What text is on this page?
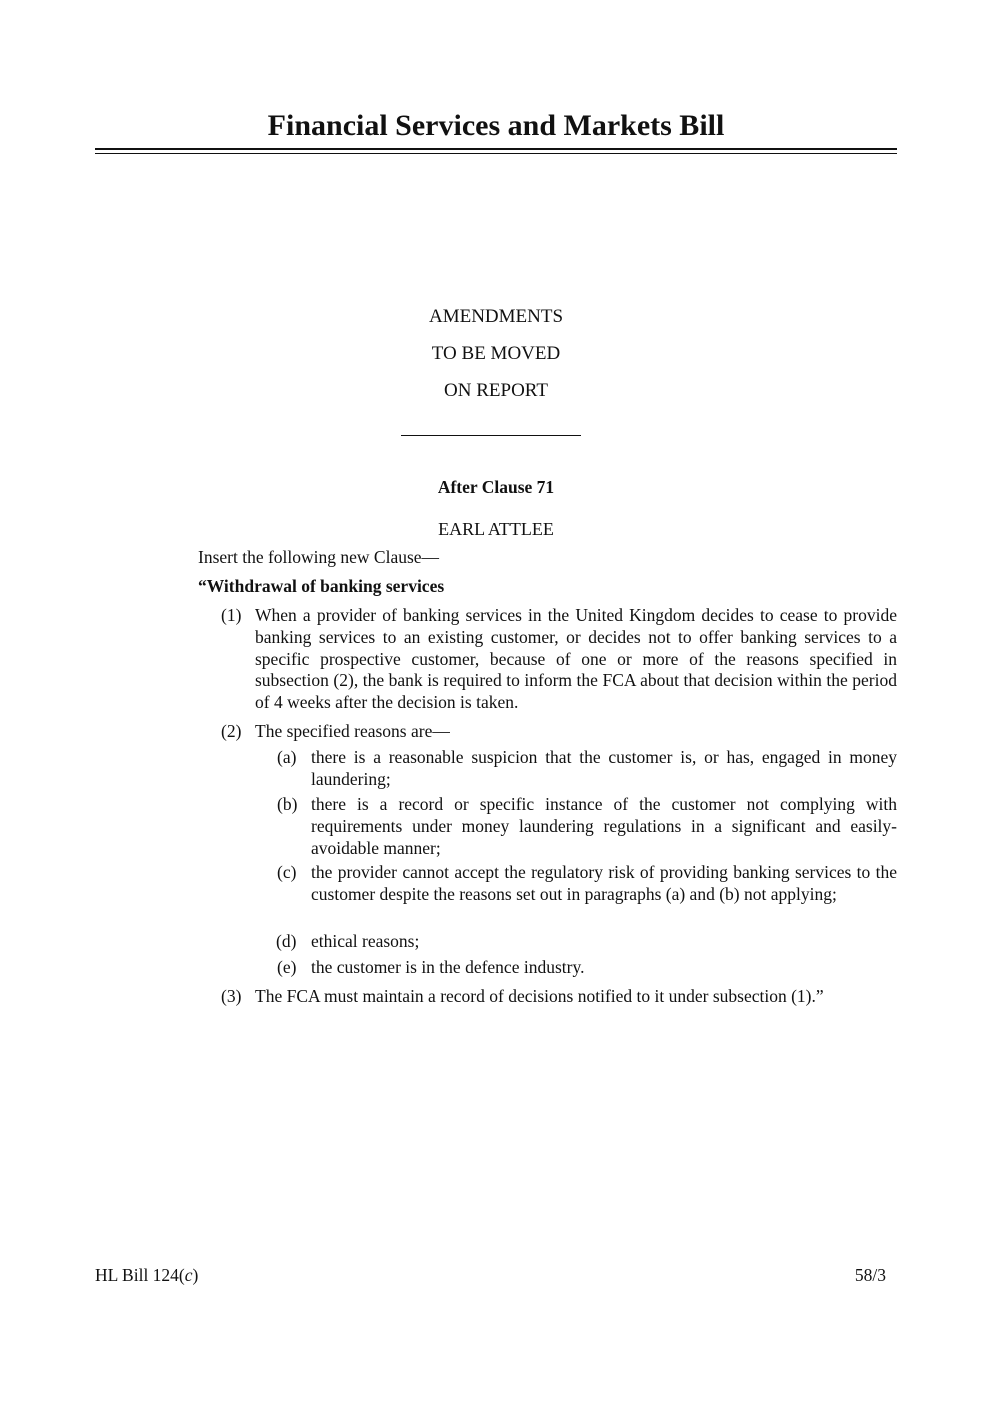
Financial Services and Markets Bill
AMENDMENTS
TO BE MOVED
ON REPORT
After Clause 71
EARL ATTLEE
Insert the following new Clause—
“Withdrawal of banking services
(1) When a provider of banking services in the United Kingdom decides to cease to provide banking services to an existing customer, or decides not to offer banking services to a specific prospective customer, because of one or more of the reasons specified in subsection (2), the bank is required to inform the FCA about that decision within the period of 4 weeks after the decision is taken.
(2) The specified reasons are—
(a) there is a reasonable suspicion that the customer is, or has, engaged in money laundering;
(b) there is a record or specific instance of the customer not complying with requirements under money laundering regulations in a significant and easily-avoidable manner;
(c) the provider cannot accept the regulatory risk of providing banking services to the customer despite the reasons set out in paragraphs (a) and (b) not applying;
(d) ethical reasons;
(e) the customer is in the defence industry.
(3) The FCA must maintain a record of decisions notified to it under subsection (1).”
HL Bill 124(c)	58/3
